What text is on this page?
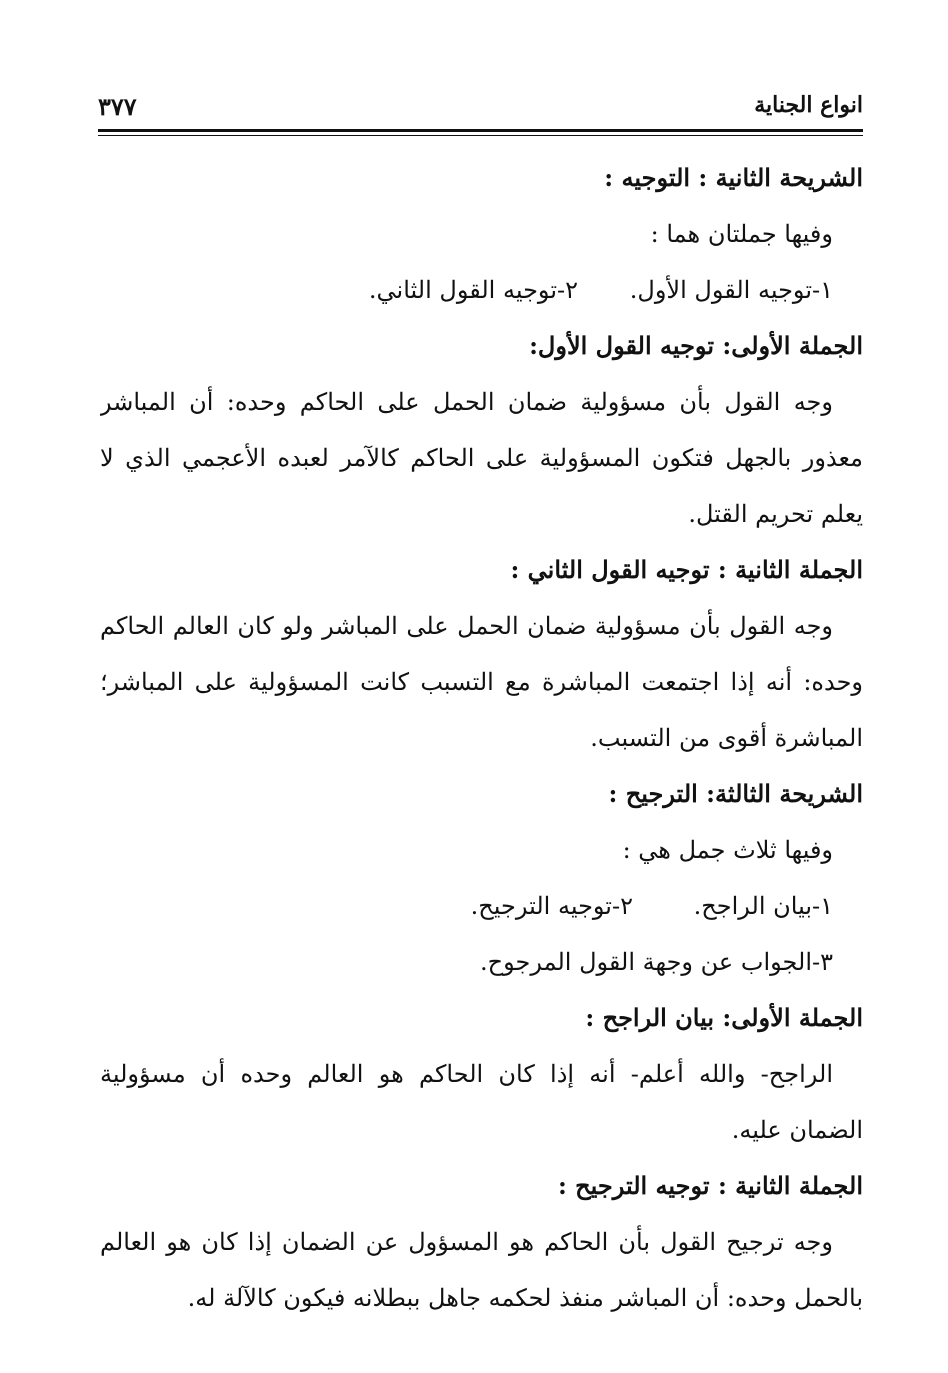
انواع الجناية
٣٧٧
الشريحة الثانية : التوجيه :
وفيها جملتان هما :
١-توجيه القول الأول.
٢-توجيه القول الثاني.
الجملة الأولى: توجيه القول الأول:
وجه القول بأن مسؤولية ضمان الحمل على الحاكم وحده: أن المباشر
معذور بالجهل فتكون المسؤولية على الحاكم كالآمر لعبده الأعجمي الذي لا
يعلم تحريم القتل.
الجملة الثانية : توجيه القول الثاني :
وجه القول بأن مسؤولية ضمان الحمل على المباشر ولو كان العالم الحاكم
وحده: أنه إذا اجتمعت المباشرة مع التسبب كانت المسؤولية على المباشر؛
المباشرة أقوى من التسبب.
الشريحة الثالثة: الترجيح :
وفيها ثلاث جمل هي :
١-بيان الراجح.
٢-توجيه الترجيح.
٣-الجواب عن وجهة القول المرجوح.
الجملة الأولى: بيان الراجح :
الراجح- والله أعلم- أنه إذا كان الحاكم هو العالم وحده أن مسؤولية
الضمان عليه.
الجملة الثانية : توجيه الترجيح :
وجه ترجيح القول بأن الحاكم هو المسؤول عن الضمان إذا كان هو العالم
بالحمل وحده: أن المباشر منفذ لحكمه جاهل ببطلانه فيكون كالآلة له.
